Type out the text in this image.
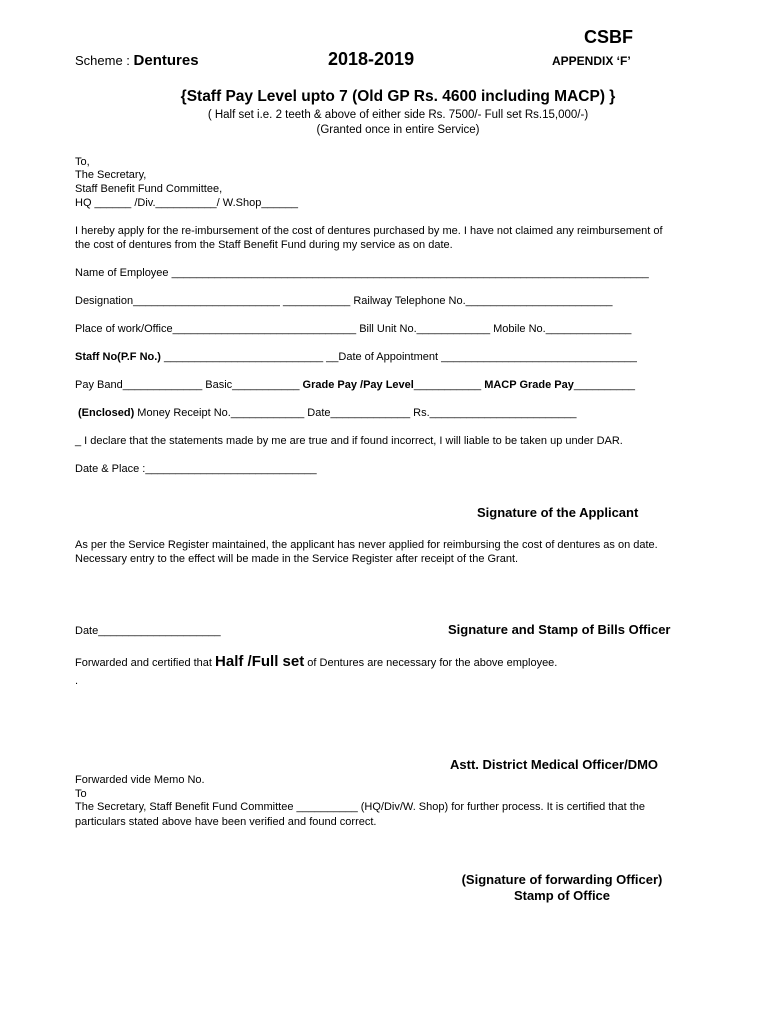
CSBF
Scheme : Dentures	2018-2019	APPENDIX ‘F’
{Staff Pay Level upto 7 (Old GP Rs. 4600 including MACP) }
( Half set i.e. 2 teeth & above of either side Rs. 7500/- Full set Rs.15,000/-)
(Granted once in entire Service)
To,
The Secretary,
Staff Benefit Fund Committee,
HQ ______ /Div.__________/ W.Shop______
I hereby apply for the re-imbursement of the cost of dentures purchased by me. I have not claimed any reimbursement of
the cost of dentures from the Staff Benefit Fund during my service as on date.
Name of Employee ______________________________________________________________________________
Designation________________________ ___________ Railway Telephone No.________________________
Place of work/Office______________________________ Bill Unit No.____________ Mobile No.______________
Staff No(P.F No.) __________________________ __Date of Appointment ________________________________
Pay Band_____________ Basic___________ Grade Pay /Pay Level___________ MACP Grade Pay__________
(Enclosed) Money Receipt No.____________ Date_____________ Rs.________________________
_ I declare that the statements made by me are true and if found incorrect, I will liable to be taken up under DAR.
Date & Place :____________________________
Signature of the Applicant
As per the Service Register maintained, the applicant has never applied for reimbursing the cost of dentures as on date.
Necessary entry to the effect will be made in the Service Register after receipt of the Grant.
Date____________________	Signature and Stamp of Bills Officer
Forwarded and certified that Half /Full set of Dentures are necessary for the above employee.
.
Astt. District Medical Officer/DMO
Forwarded vide Memo No.
To
The Secretary, Staff Benefit Fund Committee __________ (HQ/Div/W. Shop) for further process. It is certified that the
particulars stated above have been verified and found correct.
(Signature of forwarding Officer)
Stamp of Office
